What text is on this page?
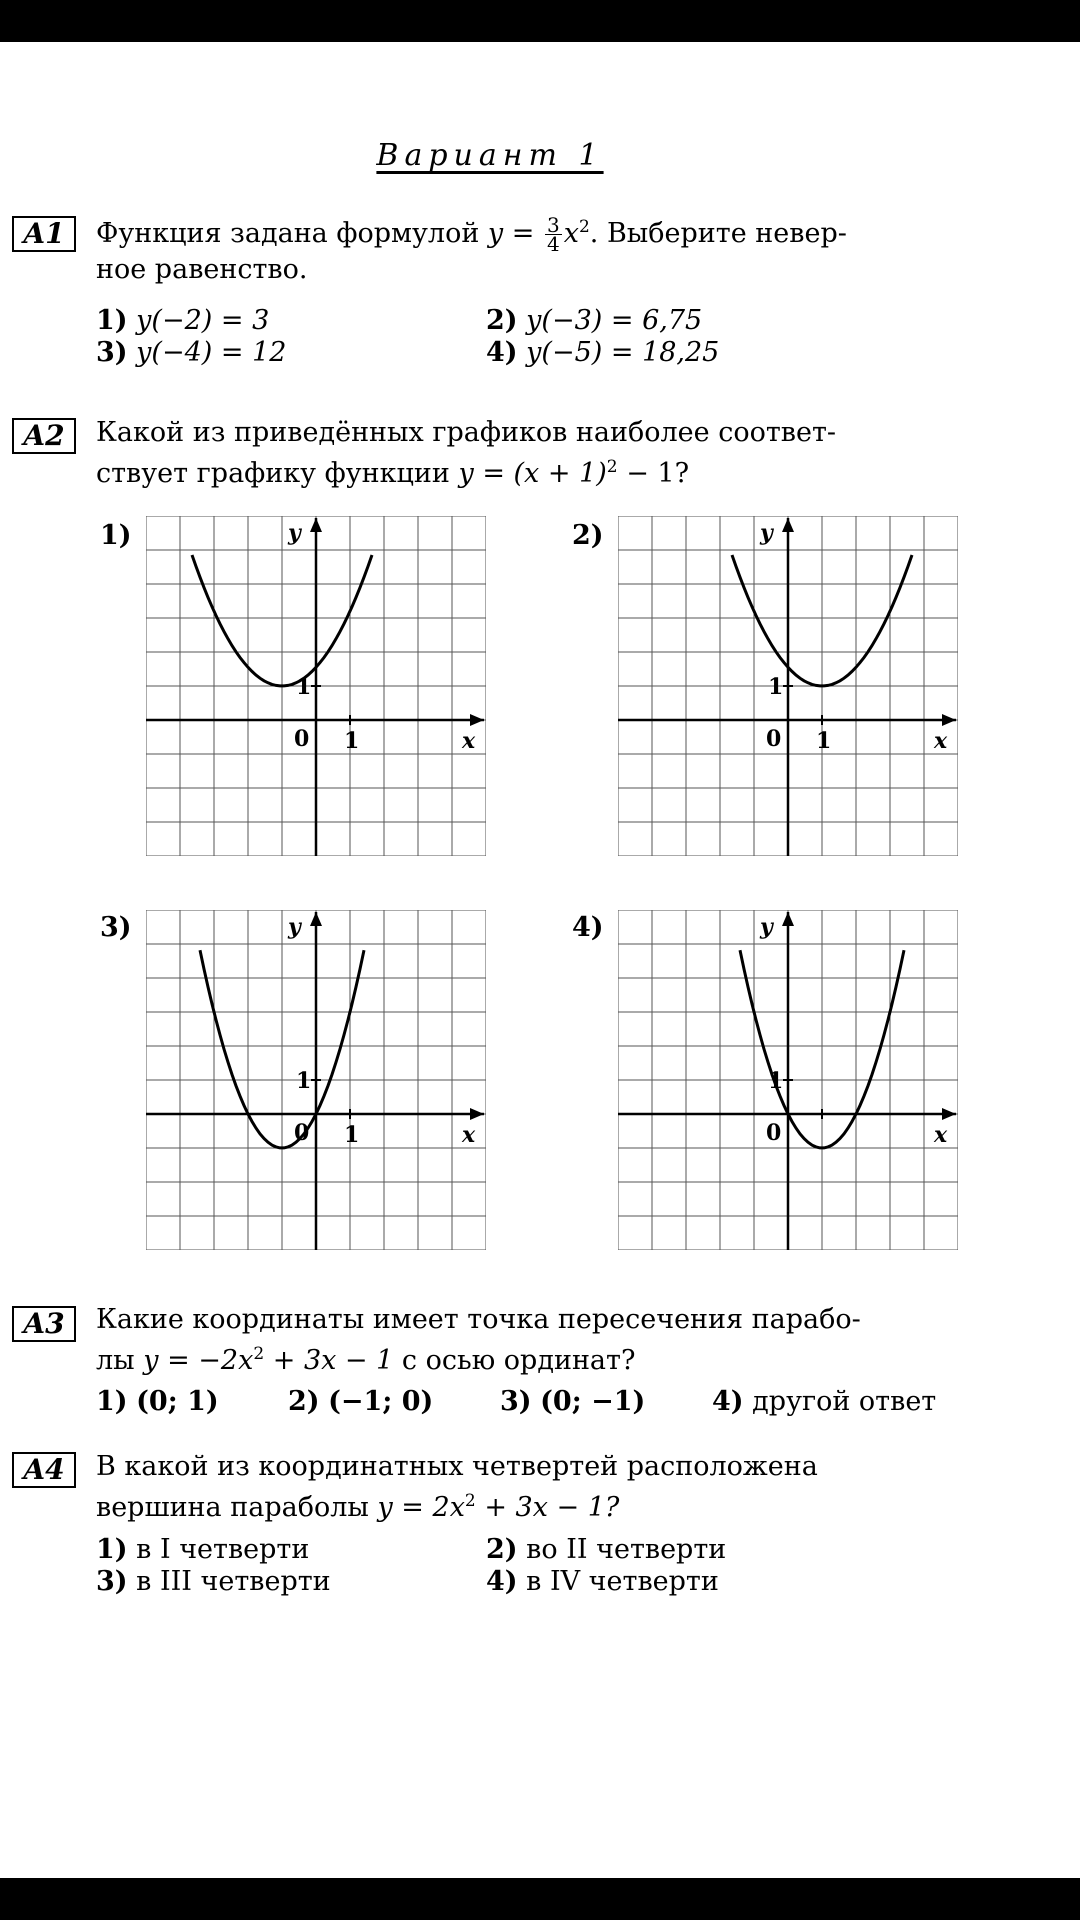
Вариант 1
A1	Функция задана формулой $y = \frac{3}{4} x^2$. Выберите невер-
ное равенство.
1) y(−2) = 3	2) y(−3) = 6,75
3) y(−4) = 12	4) y(−5) = 18,25
A2	Какой из приведённых графиков наиболее соответ-
ствует графику функции $y = (x + 1)^2 - 1$?
1)	y
x
0 1
1
2)	y
x
0 1
1
3)	y
x
0 1
1
4)	y
x
0
1
A3	Какие координаты имеет точка пересечения парабо-
лы $y = -2x^2 + 3x - 1$ с осью ординат?
1) (0; 1)	2) (−1; 0) 3) (0; −1) 4) другой ответ
A4	В какой из координатных четвертей расположена
вершина параболы $y = 2x^2 + 3x - 1$?
1) в I четверти	2) во II четверти
3) в III четверти	4) в IV четверти
